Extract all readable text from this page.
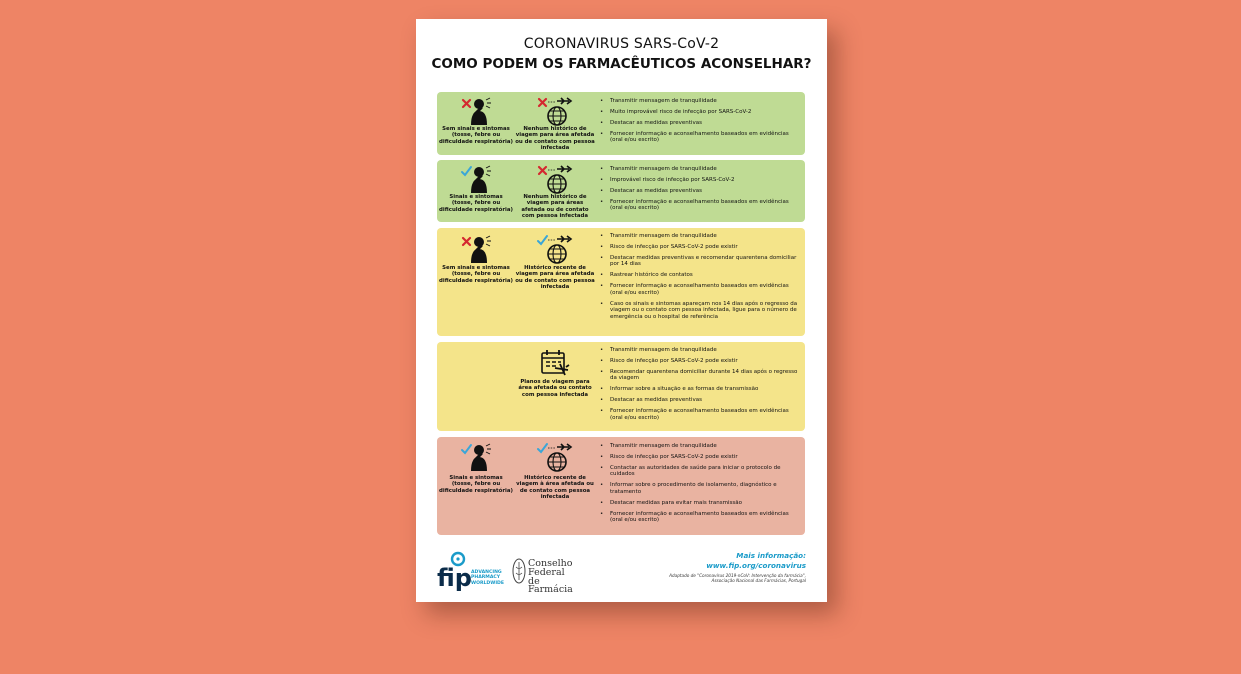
CORONAVIRUS SARS-CoV-2
COMO PODEM OS FARMACÊUTICOS ACONSELHAR?
Sem sinais e sintomas (tosse, febre ou dificuldade respiratória)
Nenhum histórico de viagem para área afetada ou de contato com pessoa infectada
• Transmitir mensagem de tranquilidade
• Muito improvável risco de infecção por SARS-CoV-2
• Destacar as medidas preventivas
• Fornecer informação e aconselhamento baseados em evidências (oral e/ou escrito)
Sinais e sintomas (tosse, febre ou dificuldade respiratória)
Nenhum histórico de viagem para áreas afetada ou de contato com pessoa infectada
• Transmitir mensagem de tranquilidade
• Improvável risco de infecção por SARS-CoV-2
• Destacar as medidas preventivas
• Fornecer informação e aconselhamento baseados em evidências (oral e/ou escrito)
Sem sinais e sintomas (tosse, febre ou dificuldade respiratória)
Histórico recente de viagem para área afetada ou de contato com pessoa infectada
• Transmitir mensagem de tranquilidade
• Risco de infecção por SARS-CoV-2 pode existir
• Destacar medidas preventivas e recomendar quarentena domiciliar por 14 dias
• Rastrear histórico de contatos
• Fornecer informação e aconselhamento baseados em evidências (oral e/ou escrito)
• Caso os sinais e sintomas apareçam nos 14 dias após o regresso da viagem ou o contato com pessoa infectada, ligue para o número de emergência ou o hospital de referência
Planos de viagem para área afetada ou contato com pessoa infectada
• Transmitir mensagem de tranquilidade
• Risco de infecção por SARS-CoV-2 pode existir
• Recomendar quarentena domiciliar durante 14 dias após o regresso da viagem
• Informar sobre a situação e as formas de transmissão
• Destacar as medidas preventivas
• Fornecer informação e aconselhamento baseados em evidências (oral e/ou escrito)
Sinais e sintomas (tosse, febre ou dificuldade respiratória)
Histórico recente de viagem à área afetada ou de contato com pessoa infectada
• Transmitir mensagem de tranquilidade
• Risco de infecção por SARS-CoV-2 pode existir
• Contactar as autoridades de saúde para iniciar o protocolo de cuidados
• Informar sobre o procedimento de isolamento, diagnóstico e tratamento
• Destacar medidas para evitar mais transmissão
• Fornecer informação e aconselhamento baseados em evidências (oral e/ou escrito)
fip ADVANCING PHARMACY WORLDWIDE
Conselho Federal de Farmácia
Mais informação:
www.fip.org/coronavirus
Adaptado de "Coronavírus 2019-nCoV: Intervenção da farmácia", Associação Nacional das Farmácias, Portugal
